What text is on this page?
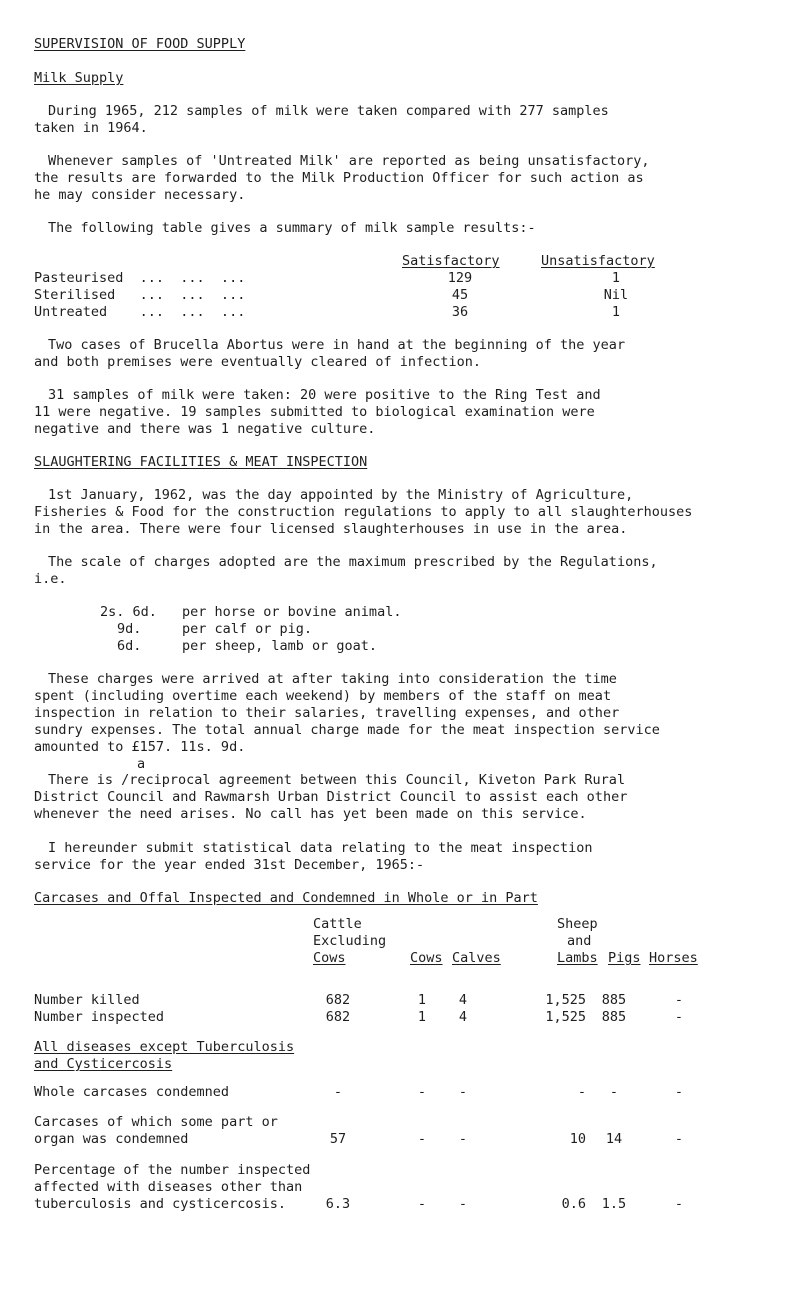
SUPERVISION OF FOOD SUPPLY
Milk Supply
During 1965, 212 samples of milk were taken compared with 277 samples
taken in 1964.
Whenever samples of 'Untreated Milk' are reported as being unsatisfactory,
the results are forwarded to the Milk Production Officer for such action as
he may consider necessary.
The following table gives a summary of milk sample results:-
Satisfactory	Unsatisfactory
Pasteurised  ...  ...  ...	129	1
Sterilised   ...  ...  ...	45	Nil
Untreated    ...  ...  ...	36	1
Two cases of Brucella Abortus were in hand at the beginning of the year
and both premises were eventually cleared of infection.
31 samples of milk were taken: 20 were positive to the Ring Test and
11 were negative. 19 samples submitted to biological examination were
negative and there was 1 negative culture.
SLAUGHTERING FACILITIES & MEAT INSPECTION
1st January, 1962, was the day appointed by the Ministry of Agriculture,
Fisheries & Food for the construction regulations to apply to all slaughterhouses
in the area. There were four licensed slaughterhouses in use in the area.
The scale of charges adopted are the maximum prescribed by the Regulations,
i.e.
2s. 6d. per horse or bovine animal.
9d.	per calf or pig.
6d.	per sheep, lamb or goat.
These charges were arrived at after taking into consideration the time
spent (including overtime each weekend) by members of the staff on meat
inspection in relation to their salaries, travelling expenses, and other
sundry expenses. The total annual charge made for the meat inspection service
amounted to £157. 11s. 9d.
a
There is /reciprocal agreement between this Council, Kiveton Park Rural
District Council and Rawmarsh Urban District Council to assist each other
whenever the need arises. No call has yet been made on this service.
I hereunder submit statistical data relating to the meat inspection
service for the year ended 31st December, 1965:-
Carcases and Offal Inspected and Condemned in Whole or in Part
Cattle
Excluding
Cows	Cows Calves
Sheep
and
Lambs Pigs Horses
Number killed	682	1	4	1,525	885	-
Number inspected	682	1	4	1,525	885	-
All diseases except Tuberculosis
and Cysticercosis
Whole carcases condemned	-	-	-	-	-	-
Carcases of which some part or
organ was condemned	57	-	-	10	14	-
Percentage of the number inspected
affected with diseases other than
tuberculosis and cysticercosis.	6.3	-	-	0.6	1.5	-
